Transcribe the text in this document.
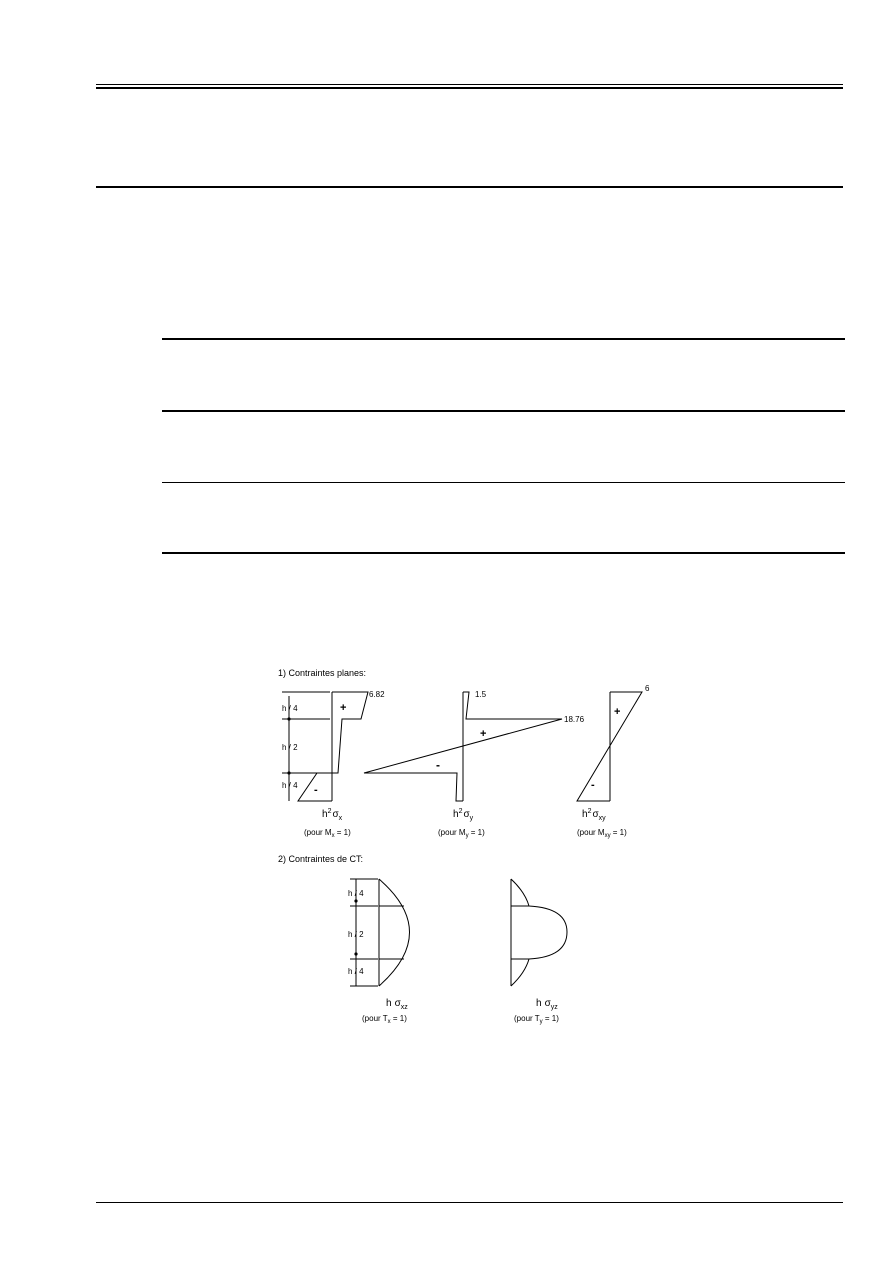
1) Contraintes planes:
h / 4
h / 2
h / 4
6.82
+
-
$h^2\sigma_x$
(pour $M_x = 1$)
1.5
18.76
+
-
$h^2\sigma_y$
(pour $M_y = 1$)
6
+
-
$h^2\sigma_{xy}$
(pour $M_{xy} = 1$)
2) Contraintes de CT:
h / 4
h / 2
h / 4
h $\sigma_{xz}$
(pour $T_x = 1$)
h $\sigma_{yz}$
(pour $T_y = 1$)
